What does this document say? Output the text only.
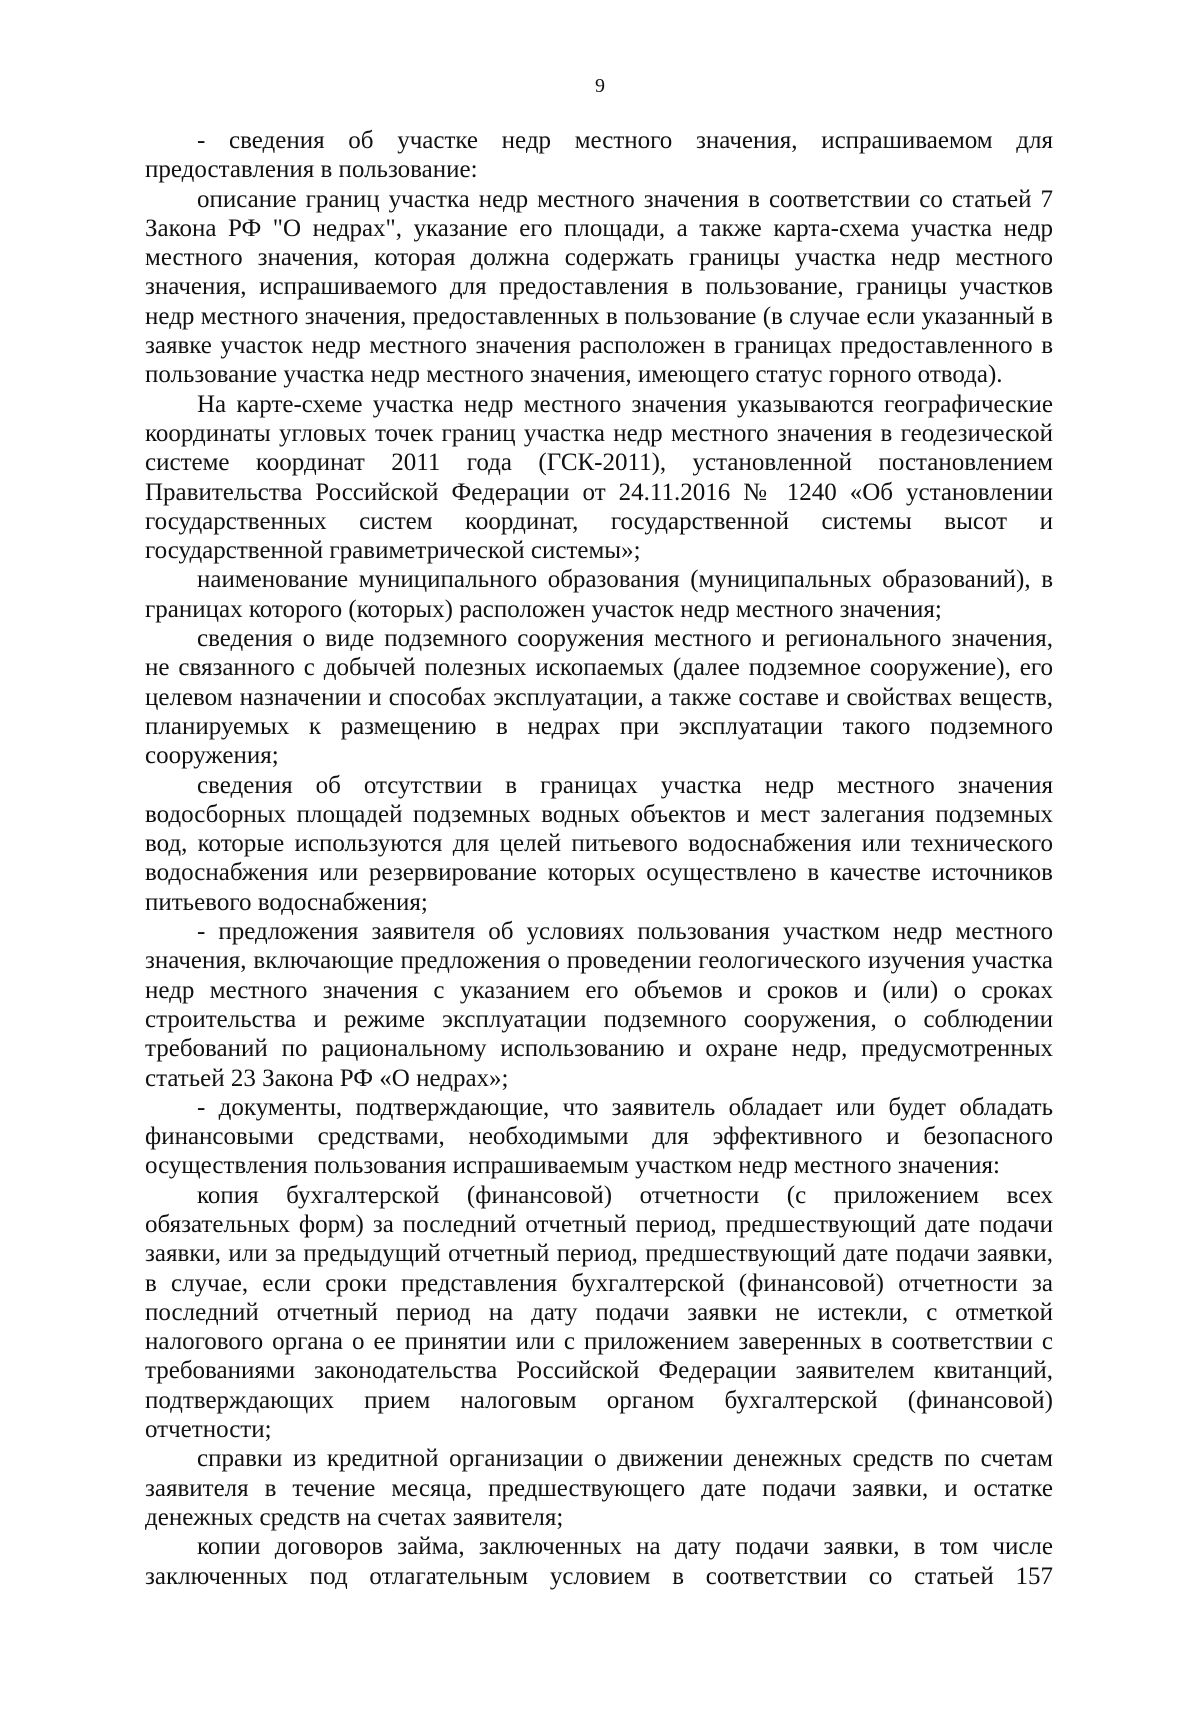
9

- сведения об участке недр местного значения, испрашиваемом для предоставления в пользование:

описание границ участка недр местного значения в соответствии со статьей 7 Закона РФ "О недрах", указание его площади, а также карта-схема участка недр местного значения, которая должна содержать границы участка недр местного значения, испрашиваемого для предоставления в пользование, границы участков недр местного значения, предоставленных в пользование (в случае если указанный в заявке участок недр местного значения расположен в границах предоставленного в пользование участка недр местного значения, имеющего статус горного отвода).

На карте-схеме участка недр местного значения указываются географические координаты угловых точек границ участка недр местного значения в геодезической системе координат 2011 года (ГСК-2011), установленной постановлением Правительства Российской Федерации от 24.11.2016 № 1240 «Об установлении государственных систем координат, государственной системы высот и государственной гравиметрической системы»;

наименование муниципального образования (муниципальных образований), в границах которого (которых) расположен участок недр местного значения;

сведения о виде подземного сооружения местного и регионального значения, не связанного с добычей полезных ископаемых (далее подземное сооружение), его целевом назначении и способах эксплуатации, а также составе и свойствах веществ, планируемых к размещению в недрах при эксплуатации такого подземного сооружения;

сведения об отсутствии в границах участка недр местного значения водосборных площадей подземных водных объектов и мест залегания подземных вод, которые используются для целей питьевого водоснабжения или технического водоснабжения или резервирование которых осуществлено в качестве источников питьевого водоснабжения;

- предложения заявителя об условиях пользования участком недр местного значения, включающие предложения о проведении геологического изучения участка недр местного значения с указанием его объемов и сроков и (или) о сроках строительства и режиме эксплуатации подземного сооружения, о соблюдении требований по рациональному использованию и охране недр, предусмотренных статьей 23 Закона РФ «О недрах»;

- документы, подтверждающие, что заявитель обладает или будет обладать финансовыми средствами, необходимыми для эффективного и безопасного осуществления пользования испрашиваемым участком недр местного значения:

копия бухгалтерской (финансовой) отчетности (с приложением всех обязательных форм) за последний отчетный период, предшествующий дате подачи заявки, или за предыдущий отчетный период, предшествующий дате подачи заявки, в случае, если сроки представления бухгалтерской (финансовой) отчетности за последний отчетный период на дату подачи заявки не истекли, с отметкой налогового органа о ее принятии или с приложением заверенных в соответствии с требованиями законодательства Российской Федерации заявителем квитанций, подтверждающих прием налоговым органом бухгалтерской (финансовой) отчетности;

справки из кредитной организации о движении денежных средств по счетам заявителя в течение месяца, предшествующего дате подачи заявки, и остатке денежных средств на счетах заявителя;

копии договоров займа, заключенных на дату подачи заявки, в том числе заключенных под отлагательным условием в соответствии со статьей 157
